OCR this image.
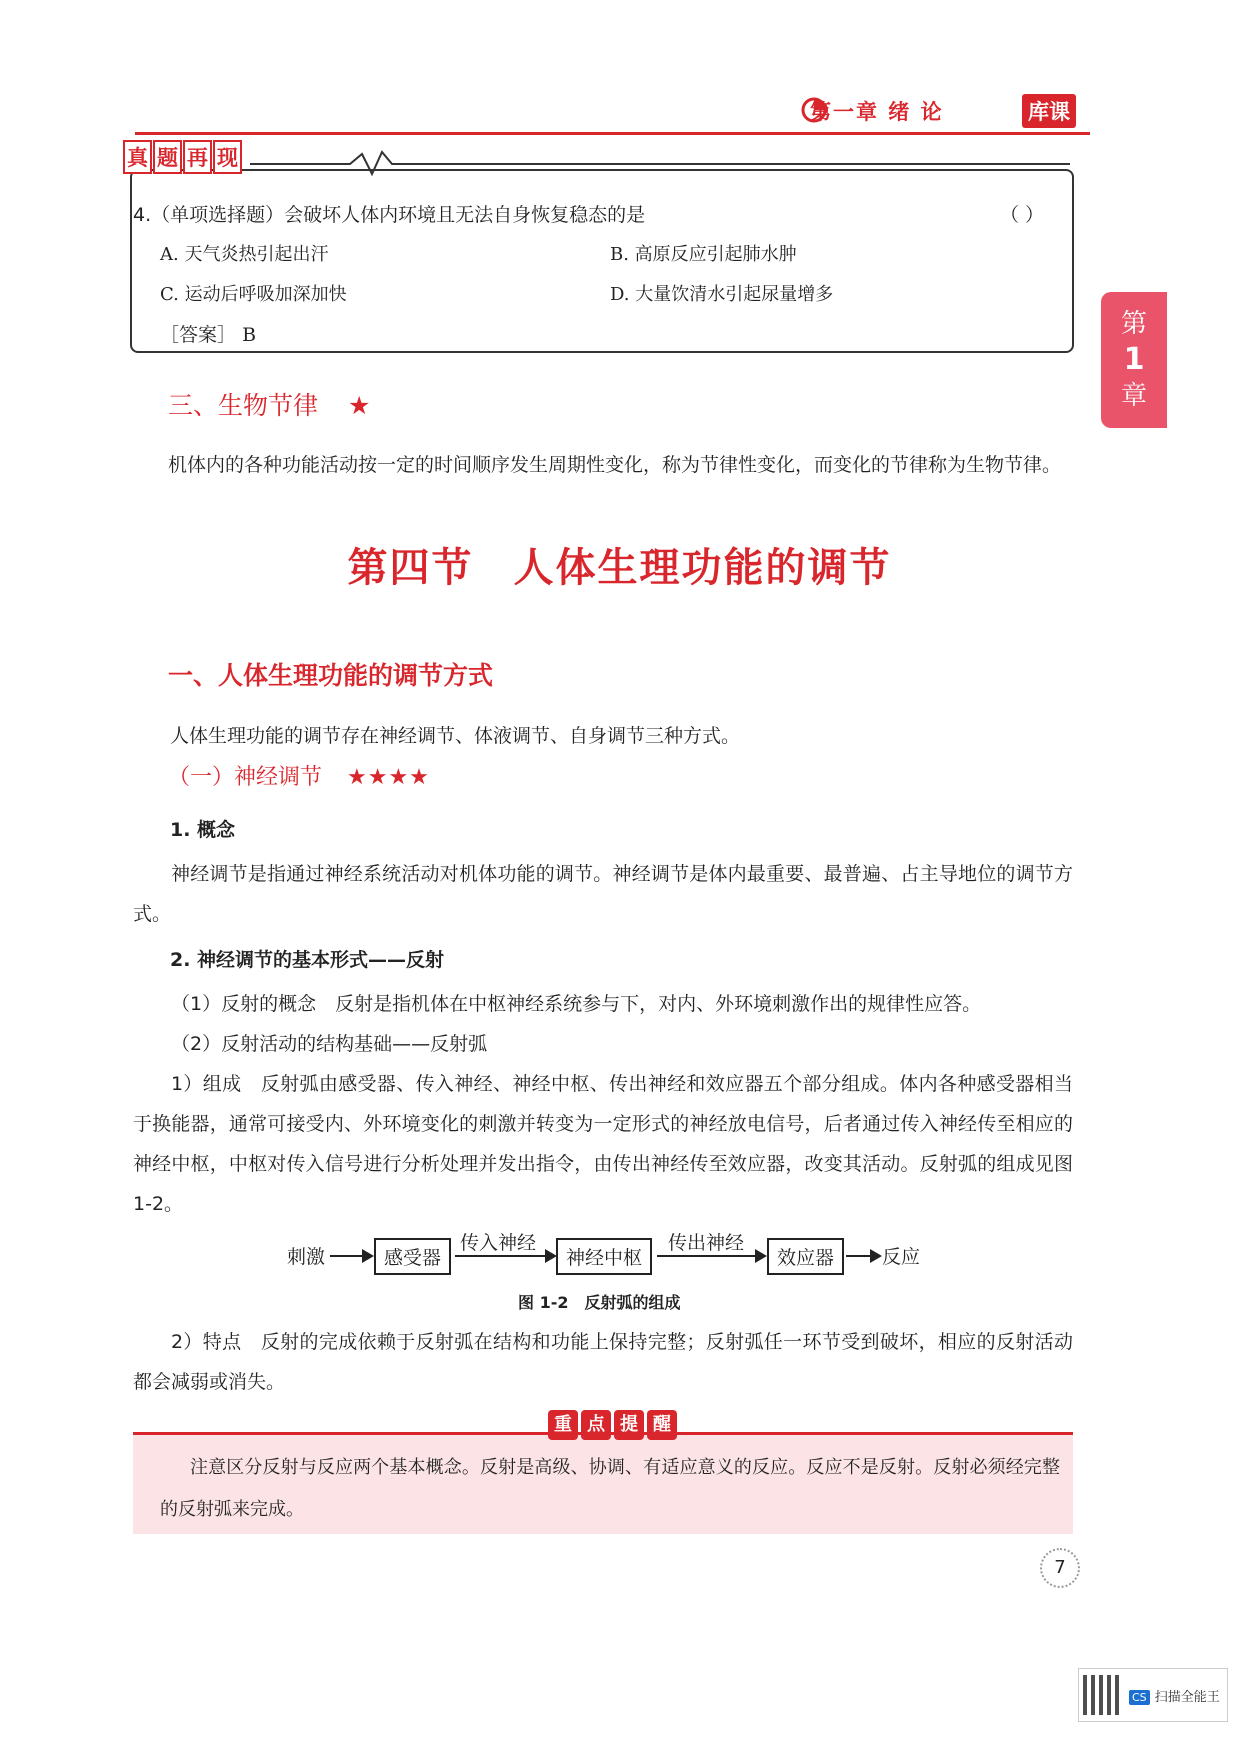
第一章 绪 论	库课
真 题 再 现
4.（单项选择题）会破坏人体内环境且无法自身恢复稳态的是	（ ）
A. 天气炎热引起出汗	B. 高原反应引起肺水肿
C. 运动后呼吸加深加快	D. 大量饮清水引起尿量增多
［答案］ B	第
1
章
三、生物节律 ★
机体内的各种功能活动按一定的时间顺序发生周期性变化，称为节律性变化，而变化的节律称为生物节律。
第四节 人体生理功能的调节
一、人体生理功能的调节方式
人体生理功能的调节存在神经调节、体液调节、自身调节三种方式。
（一）神经调节 ★★★★
1. 概念
神经调节是指通过神经系统活动对机体功能的调节。神经调节是体内最重要、最普遍、占主导地位的调节方式。
2. 神经调节的基本形式——反射
（1）反射的概念　反射是指机体在中枢神经系统参与下，对内、外环境刺激作出的规律性应答。
（2）反射活动的结构基础——反射弧
1）组成　反射弧由感受器、传入神经、神经中枢、传出神经和效应器五个部分组成。体内各种感受器相当于换能器，通常可接受内、外环境变化的刺激并转变为一定形式的神经放电信号，后者通过传入神经传至相应的神经中枢，中枢对传入信号进行分析处理并发出指令，由传出神经传至效应器，改变其活动。反射弧的组成见图 1-2。
刺激	感受器
传入神经
神经中枢
传出神经
效应器	反应
图 1-2　反射弧的组成
2）特点　反射的完成依赖于反射弧在结构和功能上保持完整；反射弧任一环节受到破坏，相应的反射活动都会减弱或消失。
重 点 提 醒
注意区分反射与反应两个基本概念。反射是高级、协调、有适应意义的反应。反应不是反射。反射必须经完整的反射弧来完成。
7
CS 扫描全能王
